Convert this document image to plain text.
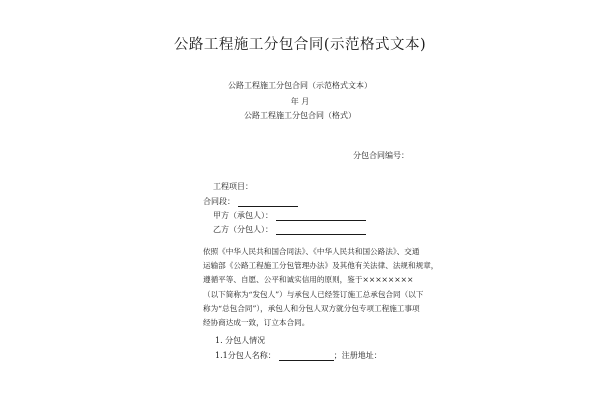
公路工程施工分包合同(示范格式文本)
公路工程施工分包合同（示范格式文本）
年 月
公路工程施工分包合同（格式）
分包合同编号：
工程项目：
合同段：
甲方（承包人）：
乙方（分包人）：
依照《中华人民共和国合同法》、《中华人民共和国公路法》、交通
运输部《公路工程施工分包管理办法》及其他有关法律、法规和规章，
遵循平等、自愿、公平和诚实信用的原则，鉴于××××××××
（以下简称为“发包人”）与承包人已经签订施工总承包合同（以下
称为“总包合同”），承包人和分包人双方就分包专项工程施工事项
经协商达成一致，订立本合同。
1. 分包人情况
1.1分包人名称：	；注册地址：
